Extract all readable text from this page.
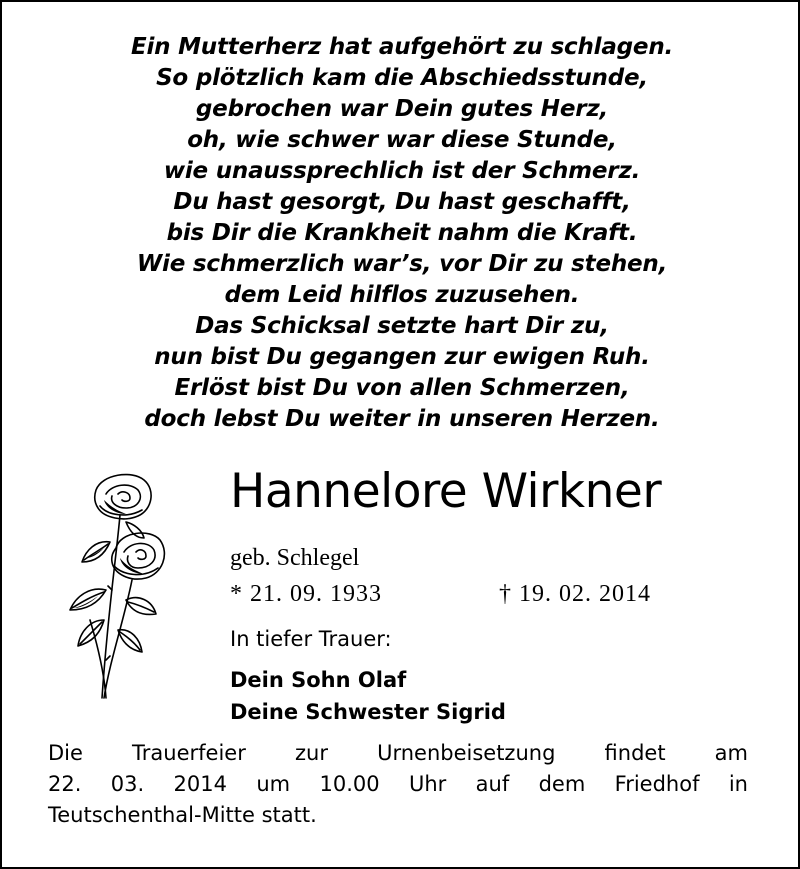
Ein Mutterherz hat aufgehört zu schlagen.
So plötzlich kam die Abschiedsstunde,
gebrochen war Dein gutes Herz,
oh, wie schwer war diese Stunde,
wie unaussprechlich ist der Schmerz.
Du hast gesorgt, Du hast geschafft,
bis Dir die Krankheit nahm die Kraft.
Wie schmerzlich war’s, vor Dir zu stehen,
dem Leid hilflos zuzusehen.
Das Schicksal setzte hart Dir zu,
nun bist Du gegangen zur ewigen Ruh.
Erlöst bist Du von allen Schmerzen,
doch lebst Du weiter in unseren Herzen.
Hannelore Wirkner
geb. Schlegel
* 21. 09. 1933	† 19. 02. 2014
In tiefer Trauer:
Dein Sohn Olaf
Deine Schwester Sigrid
Die Trauerfeier zur Urnenbeisetzung findet am
22. 03. 2014 um 10.00 Uhr auf dem Friedhof in
Teutschenthal-Mitte statt.
